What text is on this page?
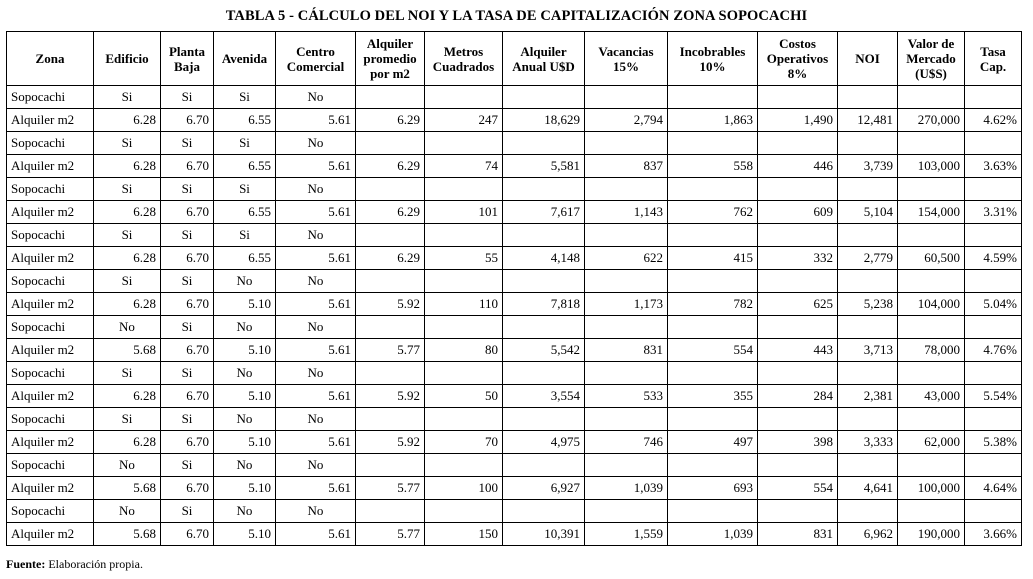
TABLA 5 - CÁLCULO DEL NOI Y LA TASA DE CAPITALIZACIÓN ZONA SOPOCACHI
Zona	Edificio	Planta Baja	Avenida	Centro Comercial	Alquiler promedio por m2	Metros Cuadrados	Alquiler Anual U$D	Vacancias 15%	Incobrables 10%	Costos Operativos 8%	NOI	Valor de Mercado (U$S)	Tasa Cap.
Sopocachi	Si	Si	Si	No									
Alquiler m2	6.28	6.70	6.55	5.61	6.29	247	18,629	2,794	1,863	1,490	12,481	270,000	4.62%
Sopocachi	Si	Si	Si	No									
Alquiler m2	6.28	6.70	6.55	5.61	6.29	74	5,581	837	558	446	3,739	103,000	3.63%
Sopocachi	Si	Si	Si	No									
Alquiler m2	6.28	6.70	6.55	5.61	6.29	101	7,617	1,143	762	609	5,104	154,000	3.31%
Sopocachi	Si	Si	Si	No									
Alquiler m2	6.28	6.70	6.55	5.61	6.29	55	4,148	622	415	332	2,779	60,500	4.59%
Sopocachi	Si	Si	No	No									
Alquiler m2	6.28	6.70	5.10	5.61	5.92	110	7,818	1,173	782	625	5,238	104,000	5.04%
Sopocachi	No	Si	No	No									
Alquiler m2	5.68	6.70	5.10	5.61	5.77	80	5,542	831	554	443	3,713	78,000	4.76%
Sopocachi	Si	Si	No	No									
Alquiler m2	6.28	6.70	5.10	5.61	5.92	50	3,554	533	355	284	2,381	43,000	5.54%
Sopocachi	Si	Si	No	No									
Alquiler m2	6.28	6.70	5.10	5.61	5.92	70	4,975	746	497	398	3,333	62,000	5.38%
Sopocachi	No	Si	No	No									
Alquiler m2	5.68	6.70	5.10	5.61	5.77	100	6,927	1,039	693	554	4,641	100,000	4.64%
Sopocachi	No	Si	No	No									
Alquiler m2	5.68	6.70	5.10	5.61	5.77	150	10,391	1,559	1,039	831	6,962	190,000	3.66%
Fuente: Elaboración propia.
